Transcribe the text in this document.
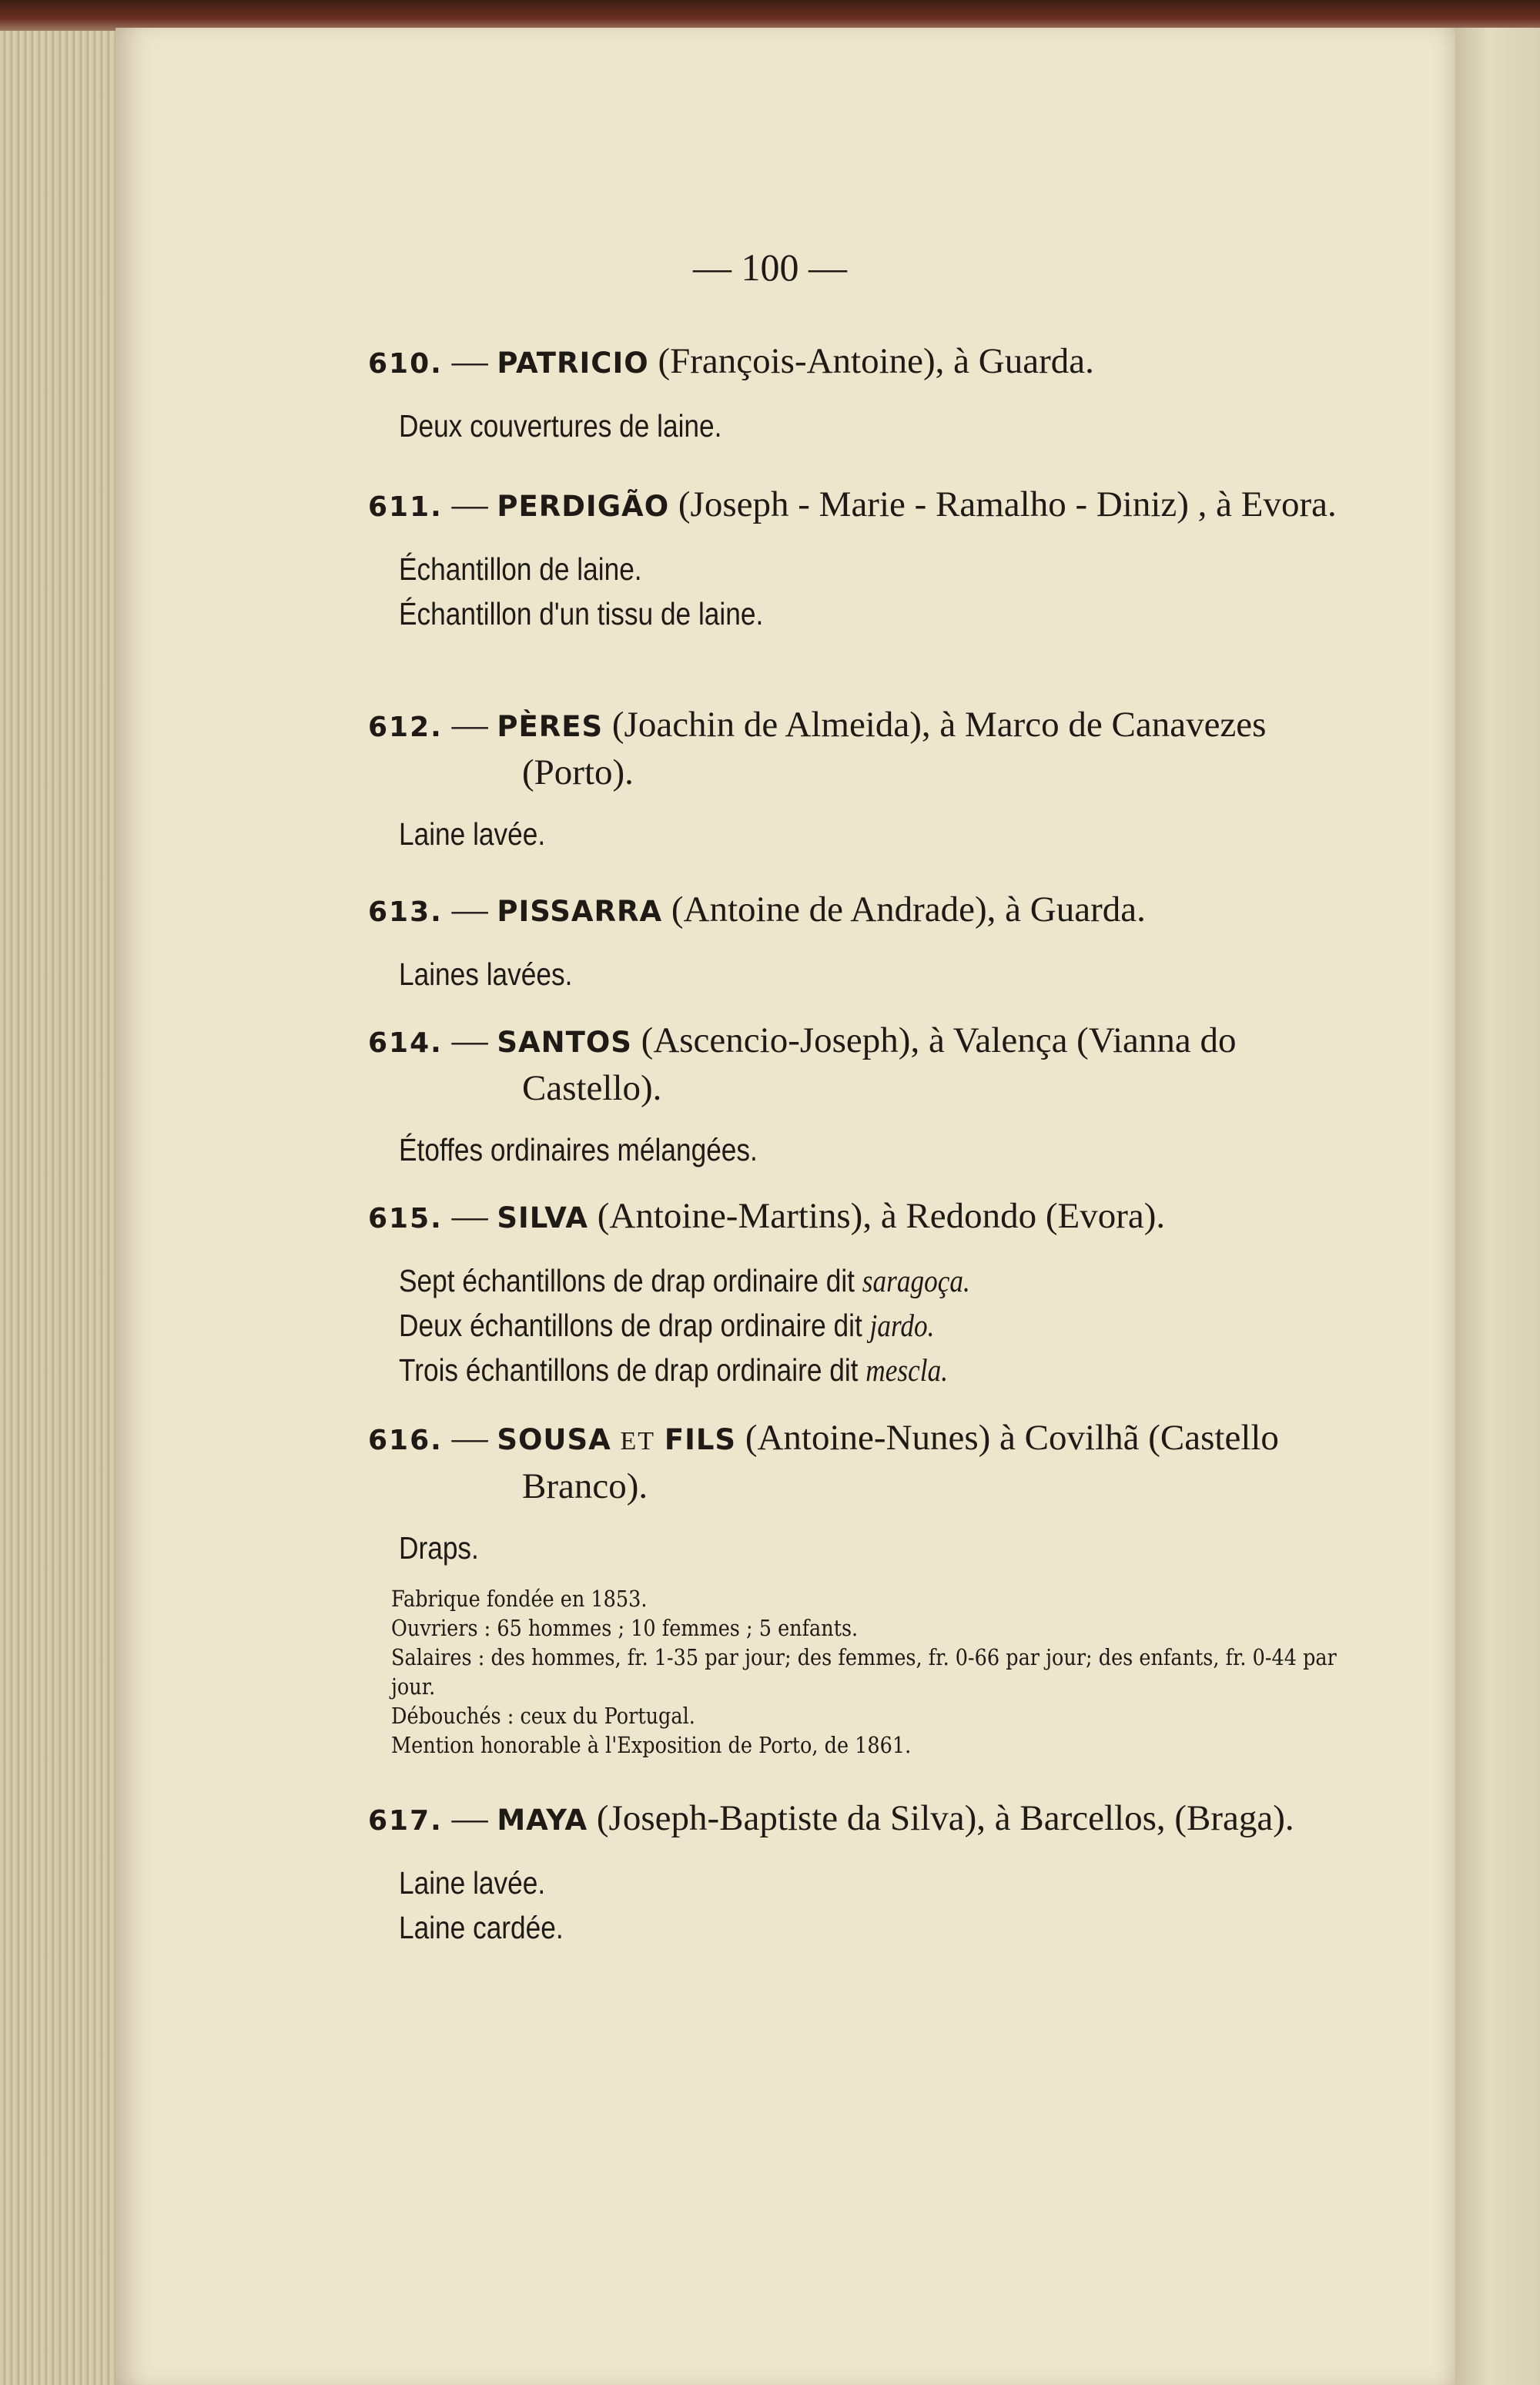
— 100 —
610. — PATRICIO (François-Antoine), à Guarda.
Deux couvertures de laine.
611. — PERDIGÃO (Joseph - Marie - Ramalho - Diniz) , à Evora.
Échantillon de laine.
Échantillon d'un tissu de laine.
612. — PÈRES (Joachin de Almeida), à Marco de Canavezes (Porto).
Laine lavée.
613. — PISSARRA (Antoine de Andrade), à Guarda.
Laines lavées.
614. — SANTOS (Ascencio-Joseph), à Valença (Vianna do Castello).
Étoffes ordinaires mélangées.
615. — SILVA (Antoine-Martins), à Redondo (Evora).
Sept échantillons de drap ordinaire dit saragoça.
Deux échantillons de drap ordinaire dit jardo.
Trois échantillons de drap ordinaire dit mescla.
616. — SOUSA ET FILS (Antoine-Nunes) à Covilhã (Castello Branco).
Draps.
Fabrique fondée en 1853.
Ouvriers : 65 hommes ; 10 femmes ; 5 enfants.
Salaires : des hommes, fr. 1-35 par jour; des femmes, fr. 0-66 par jour; des enfants, fr. 0-44 par jour.
Débouchés : ceux du Portugal.
Mention honorable à l'Exposition de Porto, de 1861.
617. — MAYA (Joseph-Baptiste da Silva), à Barcellos, (Braga).
Laine lavée.
Laine cardée.
